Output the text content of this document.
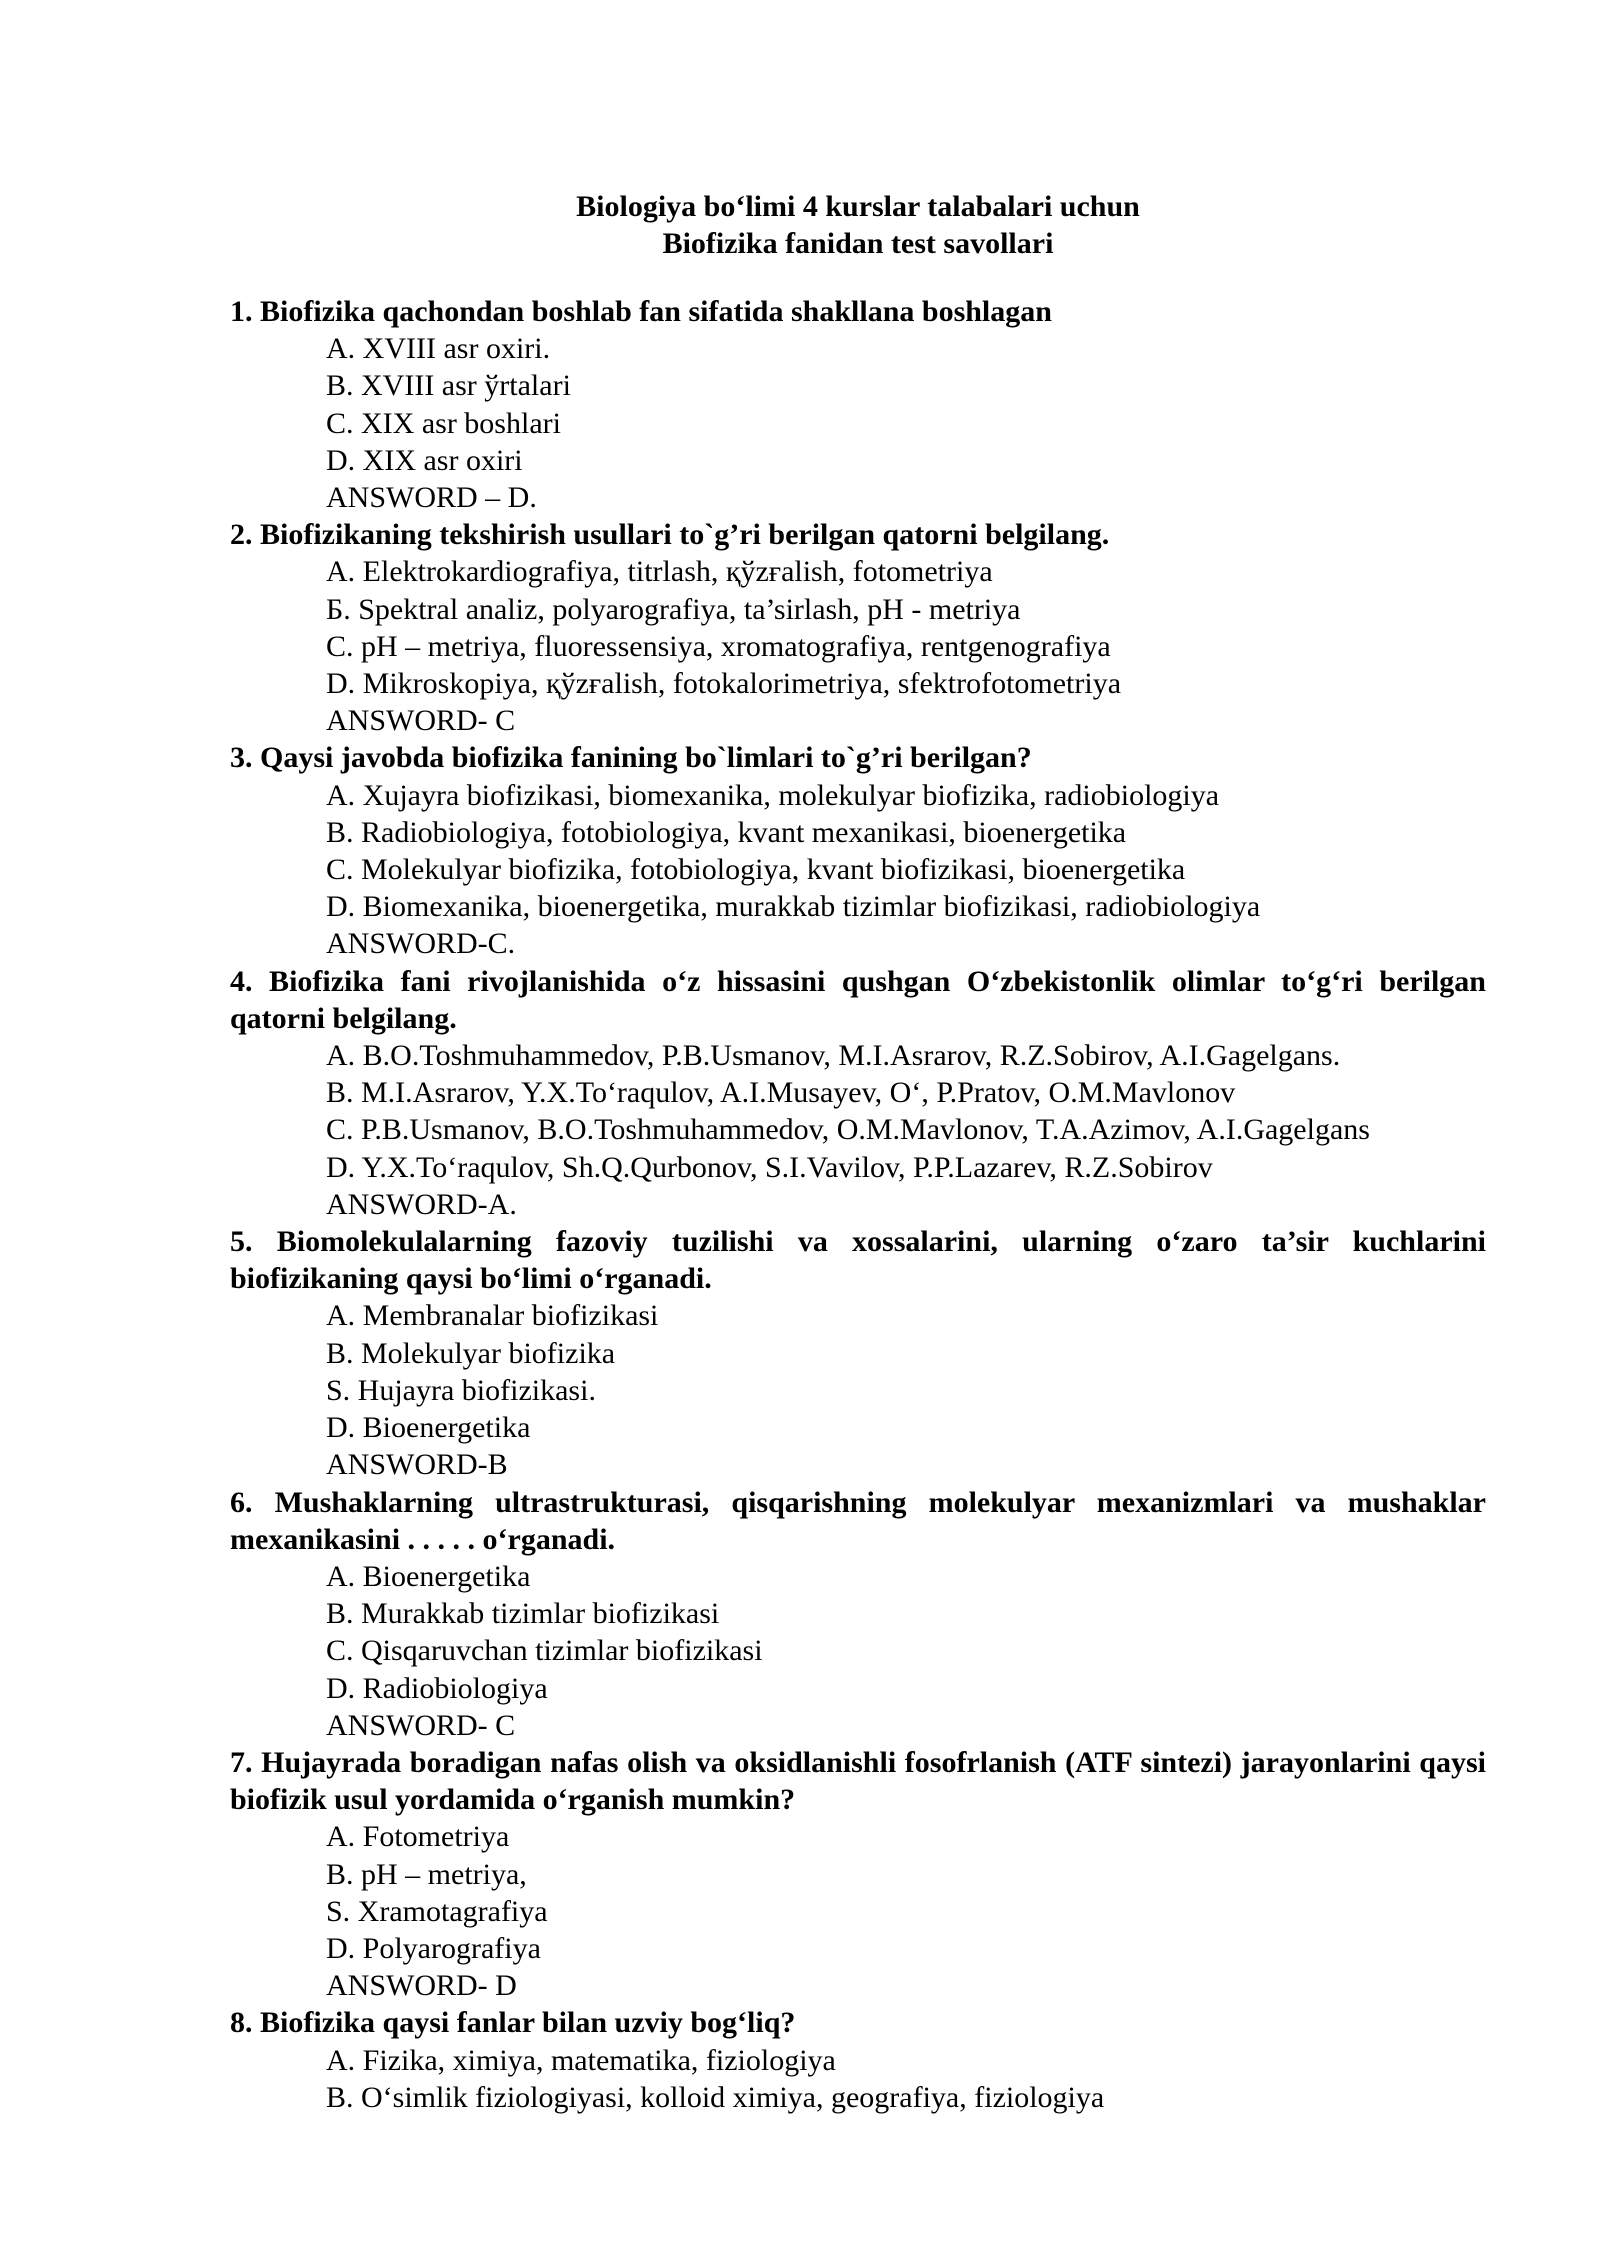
Biologiya bo‘limi 4 kurslar talabalari uchun
Biofizika fanidan test savollari
1. Biofizika qachondan boshlab fan sifatida shakllana boshlagan
A. XVIII asr oxiri.
B. XVIII asr ўrtalari
C. XIX asr boshlari
D. XIX asr oxiri
ANSWORD – D.
2. Biofizikaning tekshirish usullari to`g’ri berilgan qatorni belgilang.
A. Elektrokardiografiya, titrlash, қўzғalish, fotometriya
Б. Spektral analiz, polyarografiya, ta’sirlash, pH - metriya
C. pH – metriya, fluoressensiya, xromatografiya, rentgenografiya
D. Mikroskopiya, қўzғalish, fotokalorimetriya, sfektrofotometriya
ANSWORD- C
3. Qaysi javobda biofizika fanining bo`limlari to`g’ri berilgan?
A. Xujayra biofizikasi, biomexanika, molekulyar biofizika, radiobiologiya
B. Radiobiologiya, fotobiologiya, kvant mexanikasi, bioenergetika
C. Molekulyar biofizika, fotobiologiya, kvant biofizikasi, bioenergetika
D. Biomexanika, bioenergetika, murakkab tizimlar biofizikasi, radiobiologiya
ANSWORD-C.
4. Biofizika fani rivojlanishida o‘z hissasini qushgan O‘zbekistonlik olimlar to‘g‘ri berilgan qatorni belgilang.
A. B.O.Toshmuhammedov, P.B.Usmanov, M.I.Asrarov, R.Z.Sobirov, A.I.Gagelgans.
B. M.I.Asrarov, Y.X.To‘raqulov, A.I.Musayev, O‘, P.Pratov, O.M.Mavlonov
C. P.B.Usmanov, B.O.Toshmuhammedov, O.M.Mavlonov, T.A.Azimov, A.I.Gagelgans
D. Y.X.To‘raqulov, Sh.Q.Qurbonov, S.I.Vavilov, P.P.Lazarev, R.Z.Sobirov
ANSWORD-A.
5. Biomolekulalarning fazoviy tuzilishi va xossalarini, ularning o‘zaro ta’sir kuchlarini biofizikaning qaysi bo‘limi o‘rganadi.
A. Membranalar biofizikasi
B. Molekulyar biofizika
S. Hujayra biofizikasi.
D. Bioenergetika
ANSWORD-B
6. Mushaklarning ultrastrukturasi, qisqarishning molekulyar mexanizmlari va mushaklar mexanikasini . . . . . o‘rganadi.
A. Bioenergetika
B. Murakkab tizimlar biofizikasi
C. Qisqaruvchan tizimlar biofizikasi
D. Radiobiologiya
ANSWORD- C
7. Hujayrada boradigan nafas olish va oksidlanishli fosofrlanish (ATF sintezi) jarayonlarini qaysi biofizik usul yordamida o‘rganish mumkin?
A. Fotometriya
B. pH – metriya,
S. Xramotagrafiya
D. Polyarografiya
ANSWORD- D
8. Biofizika qaysi fanlar bilan uzviy bog‘liq?
A. Fizika, ximiya, matematika, fiziologiya
B. O‘simlik fiziologiyasi, kolloid ximiya, geografiya, fiziologiya
